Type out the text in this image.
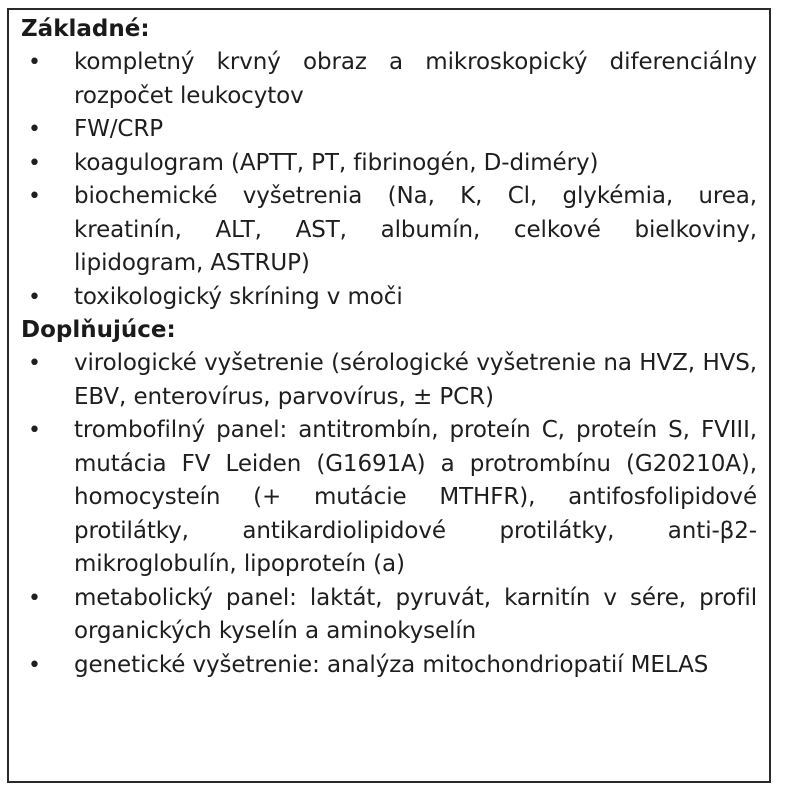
Základné:

• kompletný krvný obraz a mikroskopický diferenciálny rozpočet leukocytov
• FW/CRP
• koagulogram (APTT, PT, fibrinogén, D-diméry)
• biochemické vyšetrenia (Na, K, Cl, glykémia, urea, kreatinín, ALT, AST, albumín, celkové bielkoviny, lipidogram, ASTRUP)
• toxikologický skríning v moči

Doplňujúce:

• virologické vyšetrenie (sérologické vyšetrenie na HVZ, HVS, EBV, enterovírus, parvovírus, ± PCR)
• trombofilný panel: antitrombín, proteín C, proteín S, FVIII, mutácia FV Leiden (G1691A) a protrombínu (G20210A), homocysteín (+ mutácie MTHFR), antifosfolipidové protilátky, antikardiolipidové protilátky, anti-β2-mikroglobulín, lipoproteín (a)
• metabolický panel: laktát, pyruvát, karnitín v sére, profil organických kyselín a aminokyselín
• genetické vyšetrenie: analýza mitochondriopatií MELAS
